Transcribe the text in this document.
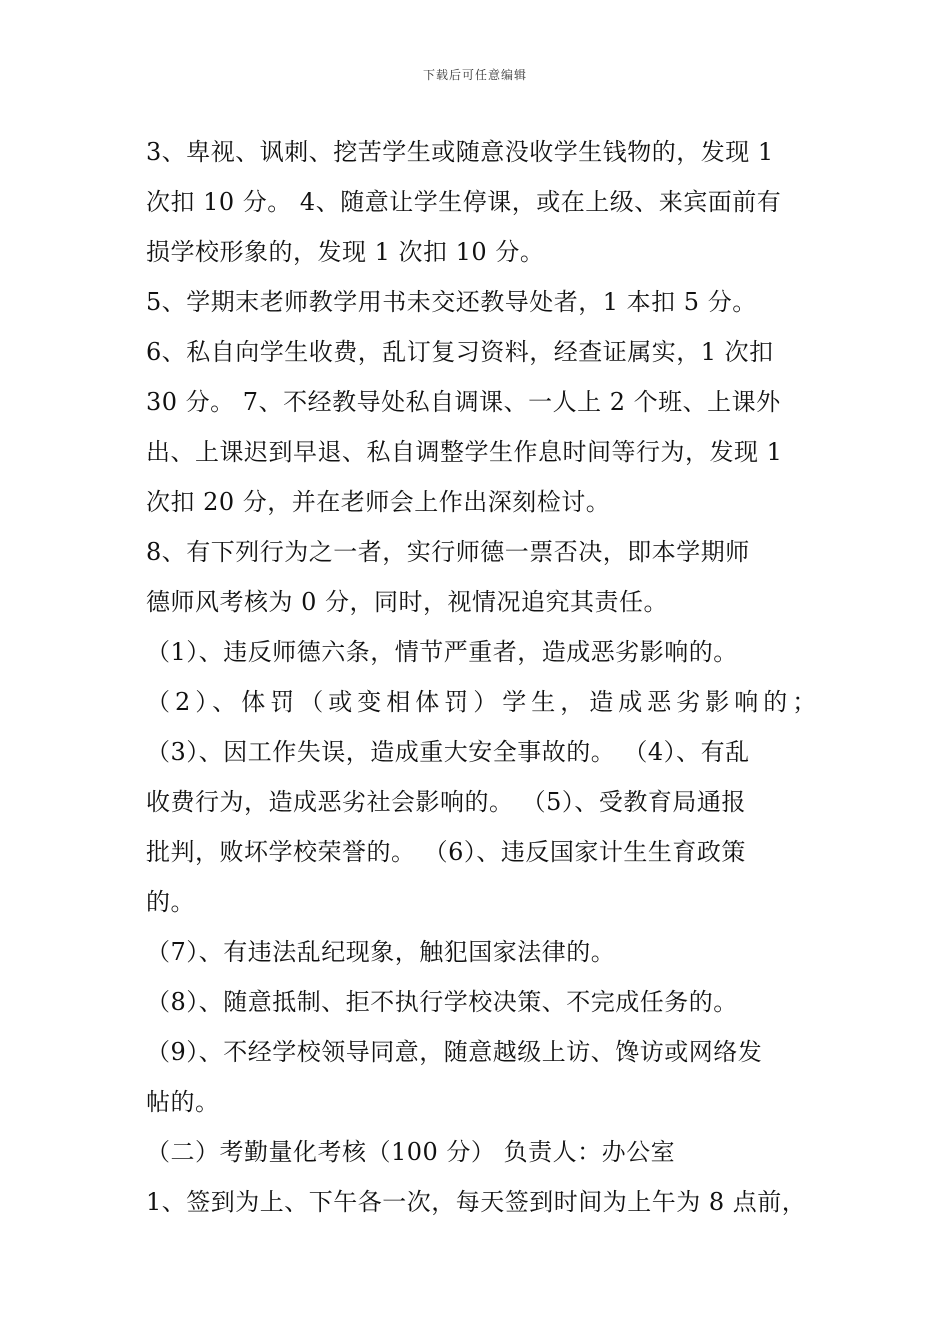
下载后可任意编辑
3、卑视、讽刺、挖苦学生或随意没收学生钱物的，发现 1
次扣 10 分。 4、随意让学生停课，或在上级、来宾面前有
损学校形象的，发现 1 次扣 10 分。
5、学期末老师教学用书未交还教导处者，1 本扣 5 分。
6、私自向学生收费，乱订复习资料，经查证属实，1 次扣
30 分。 7、不经教导处私自调课、一人上 2 个班、上课外
出、上课迟到早退、私自调整学生作息时间等行为，发现 1
次扣 20 分，并在老师会上作出深刻检讨。
8、有下列行为之一者，实行师德一票否决，即本学期师
德师风考核为 0 分，同时，视情况追究其责任。
（1）、违反师德六条，情节严重者，造成恶劣影响的。
（2）、体罚（或变相体罚）学生，造成恶劣影响的；
（3）、因工作失误，造成重大安全事故的。 （4）、有乱
收费行为，造成恶劣社会影响的。 （5）、受教育局通报
批判，败坏学校荣誉的。 （6）、违反国家计生生育政策
的。
（7）、有违法乱纪现象，触犯国家法律的。
（8）、随意抵制、拒不执行学校决策、不完成任务的。
（9）、不经学校领导同意，随意越级上访、馋访或网络发
帖的。
（二）考勤量化考核（100 分） 负责人：办公室
1、签到为上、下午各一次，每天签到时间为上午为 8 点前，
